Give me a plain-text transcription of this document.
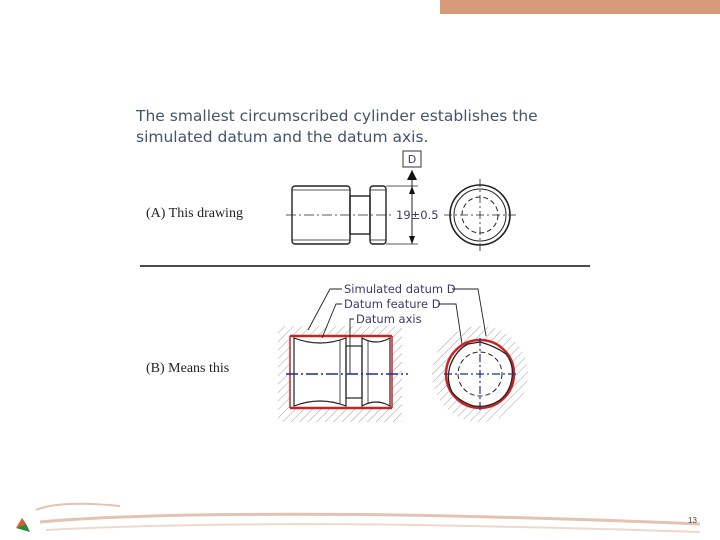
The smallest circumscribed cylinder establishes the simulated datum and the datum axis.
(A) This drawing
(B) Means this
Simulated datum D
Datum feature D
Datum axis
D
19±0.5
13
